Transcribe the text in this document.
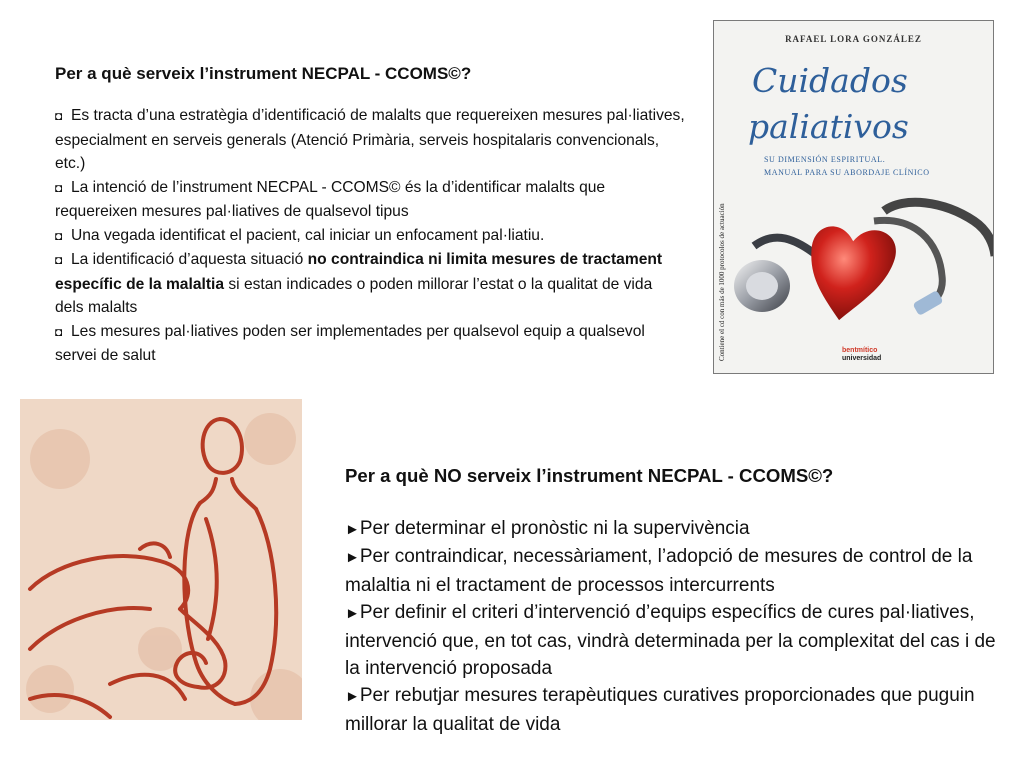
Per a què serveix l’instrument NECPAL - CCOMS©?

◘ Es tracta d’una estratègia d’identificació de malalts que requereixen mesures pal·liatives, especialment en serveis generals (Atenció Primària, serveis hospitalaris convencionals, etc.)

◘ La intenció de l’instrument NECPAL - CCOMS© és la d’identificar malalts que requereixen mesures pal·liatives de qualsevol tipus

◘ Una vegada identificat el pacient, cal iniciar un enfocament pal·liatiu.

◘ La identificació d’aquesta situació no contraindica ni limita mesures de tractament específic de la malaltia si estan indicades o poden millorar l’estat o la qualitat de vida dels malalts

◘ Les mesures pal·liatives poden ser implementades per qualsevol equip a qualsevol servei de salut

RAFAEL LORA GONZÁLEZ
Cuidados
paliativos
SU DIMENSIÓN ESPIRITUAL.
MANUAL PARA SU ABORDAJE CLÍNICO
Contiene el cd con más de 1000 protocolos de actuación	bentmítico
universidad
Per a què NO serveix l’instrument NECPAL - CCOMS©?

►Per determinar el pronòstic ni la supervivència

►Per contraindicar, necessàriament, l’adopció de mesures de control de la malaltia ni el tractament de processos intercurrents

►Per definir el criteri d’intervenció d’equips específics de cures pal·liatives, intervenció que, en tot cas, vindrà determinada per la complexitat del cas i de la intervenció proposada

►Per rebutjar mesures terapèutiques curatives proporcionades que puguin millorar la qualitat de vida
